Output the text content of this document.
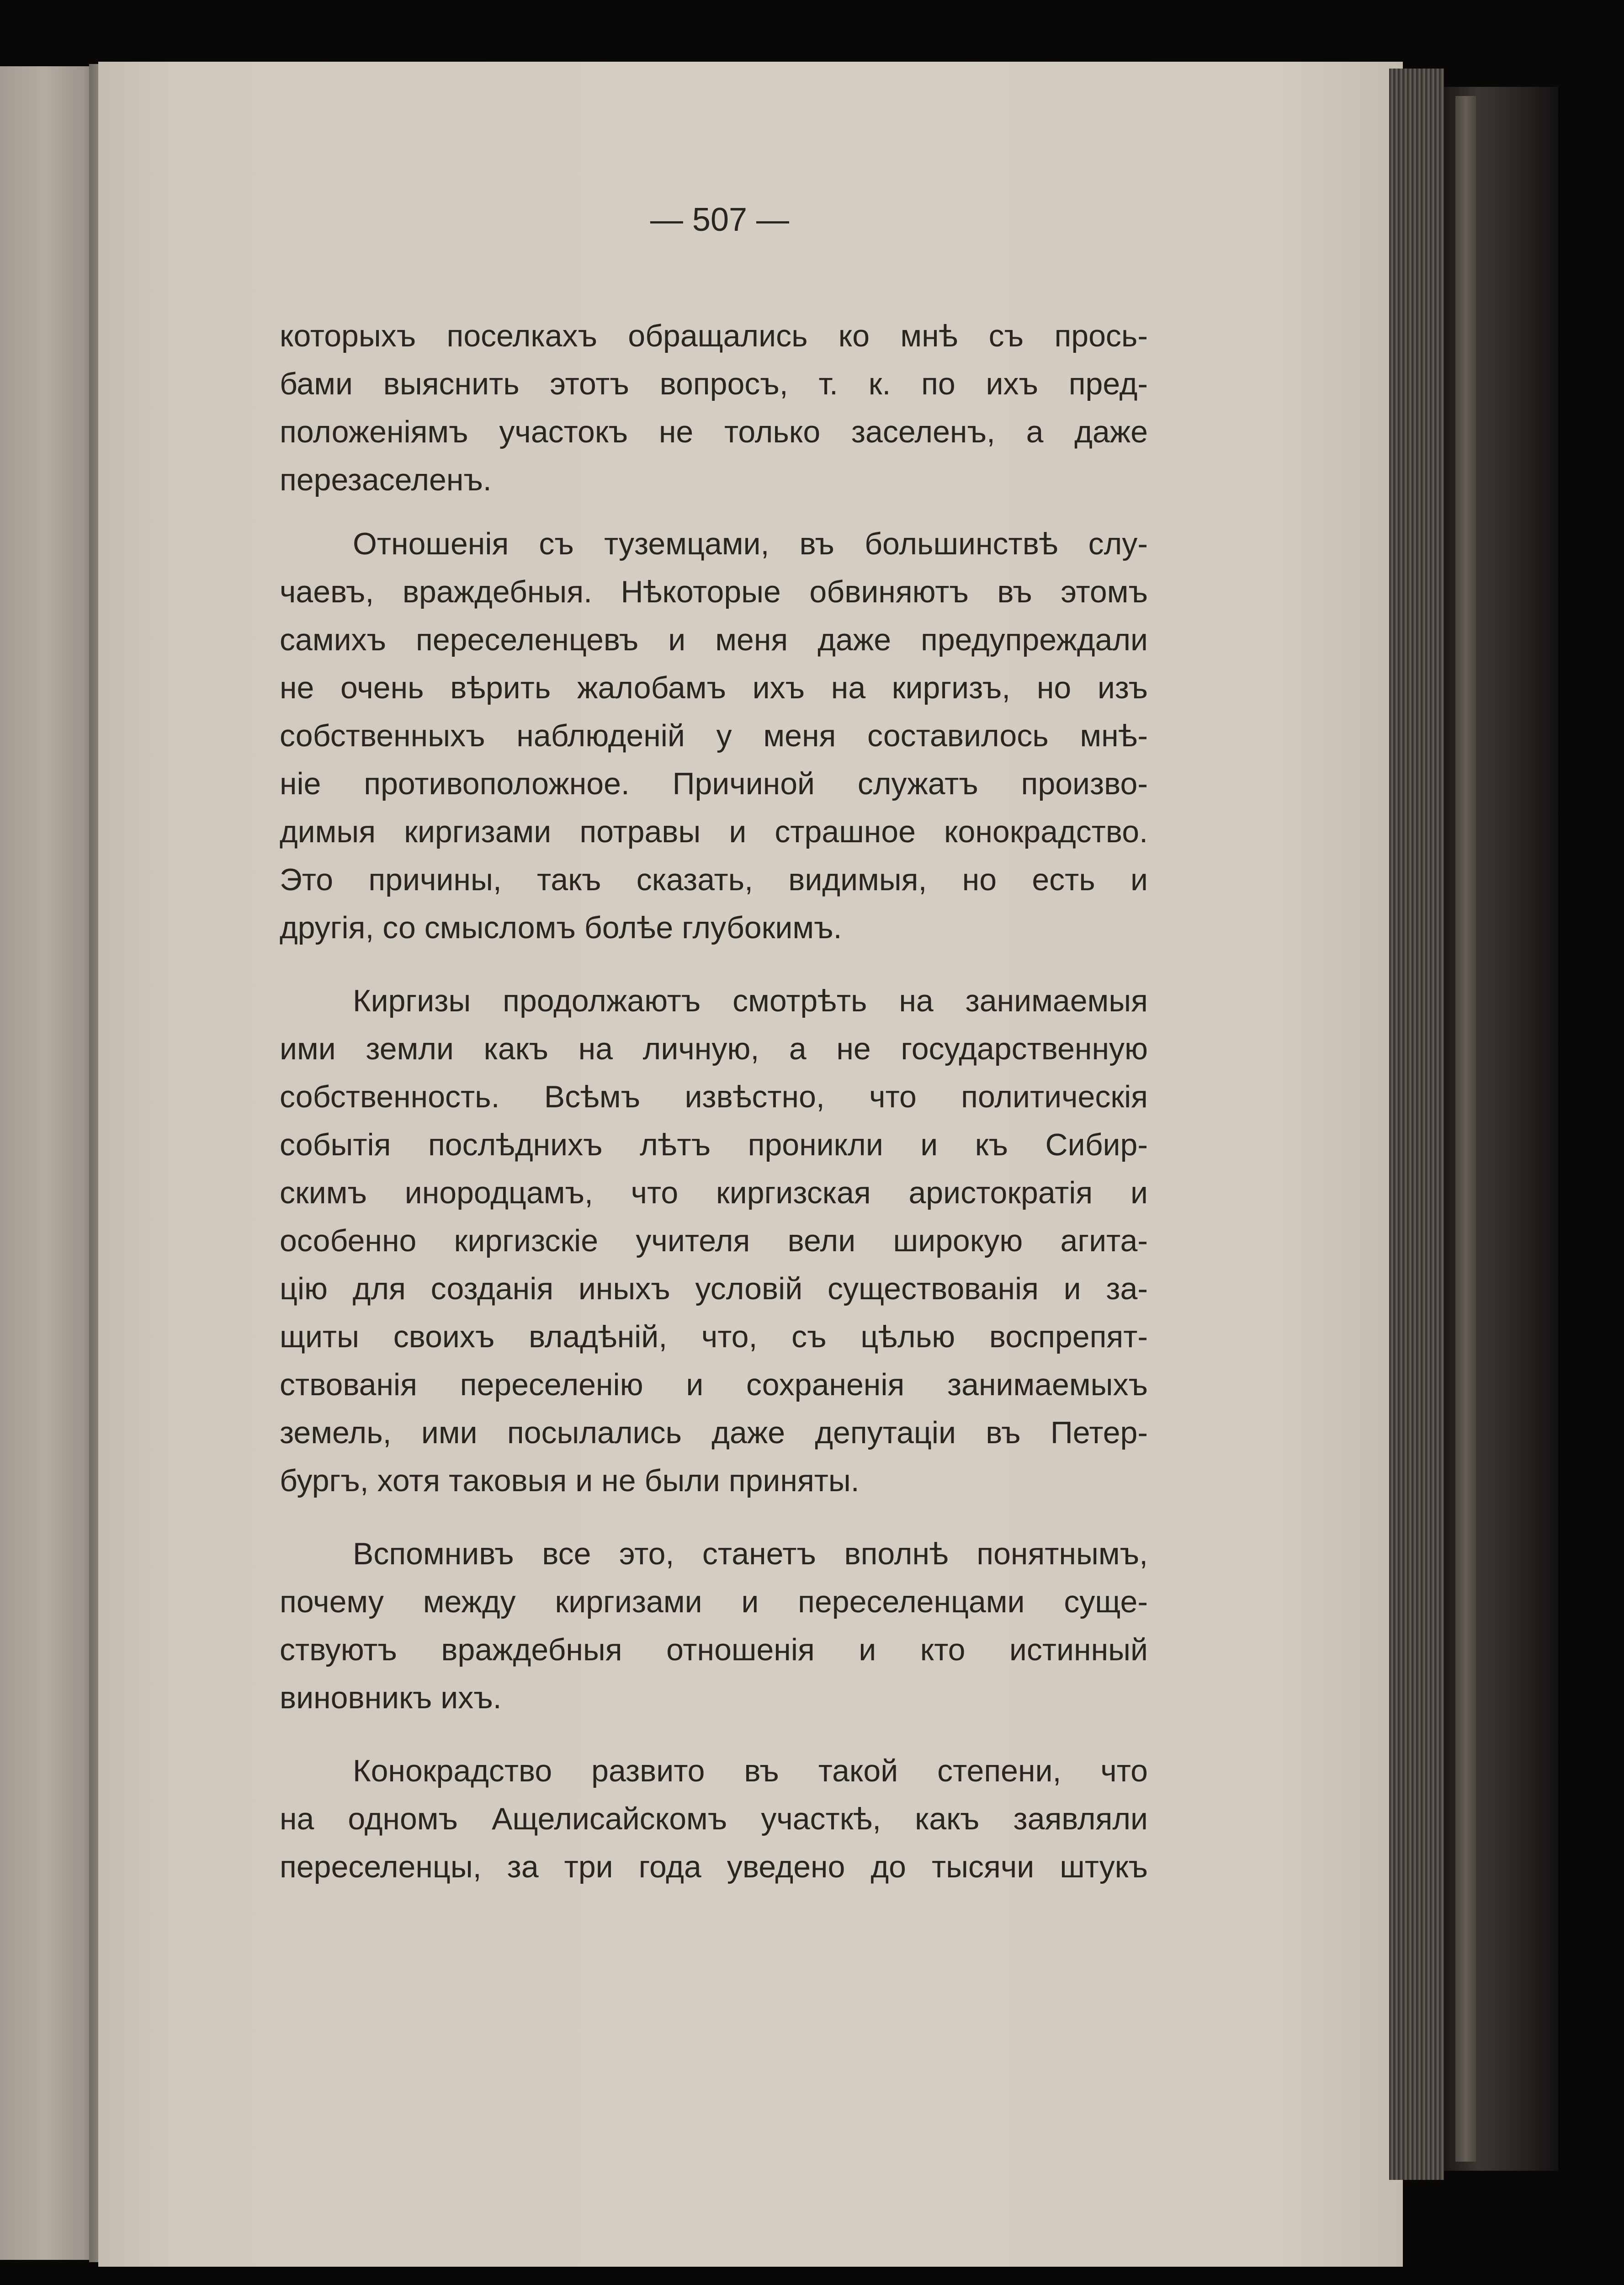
— 507 —
которыхъ поселкахъ обращались ко мнѣ съ прось-
бами выяснить этотъ вопросъ, т. к. по ихъ пред-
положеніямъ участокъ не только заселенъ, а даже
перезаселенъ.
Отношенія съ туземцами, въ большинствѣ слу-
чаевъ, враждебныя. Нѣкоторые обвиняютъ въ этомъ
самихъ переселенцевъ и меня даже предупреждали
не очень вѣрить жалобамъ ихъ на киргизъ, но изъ
собственныхъ наблюденій у меня составилось мнѣ-
ніе противоположное. Причиной служатъ произво-
димыя киргизами потравы и страшное конокрадство.
Это причины, такъ сказать, видимыя, но есть и
другія, со смысломъ болѣе глубокимъ.
Киргизы продолжаютъ смотрѣть на занимаемыя
ими земли какъ на личную, а не государственную
собственность. Всѣмъ извѣстно, что политическія
событія послѣднихъ лѣтъ проникли и къ Сибир-
скимъ инородцамъ, что киргизская аристократія и
особенно киргизскіе учителя вели широкую агита-
цію для созданія иныхъ условій существованія и за-
щиты своихъ владѣній, что, съ цѣлью воспрепят-
ствованія переселенію и сохраненія занимаемыхъ
земель, ими посылались даже депутаціи въ Петер-
бургъ, хотя таковыя и не были приняты.
Вспомнивъ все это, станетъ вполнѣ понятнымъ,
почему между киргизами и переселенцами суще-
ствуютъ враждебныя отношенія и кто истинный
виновникъ ихъ.
Конокрадство развито въ такой степени, что
на одномъ Ащелисайскомъ участкѣ, какъ заявляли
переселенцы, за три года уведено до тысячи штукъ
